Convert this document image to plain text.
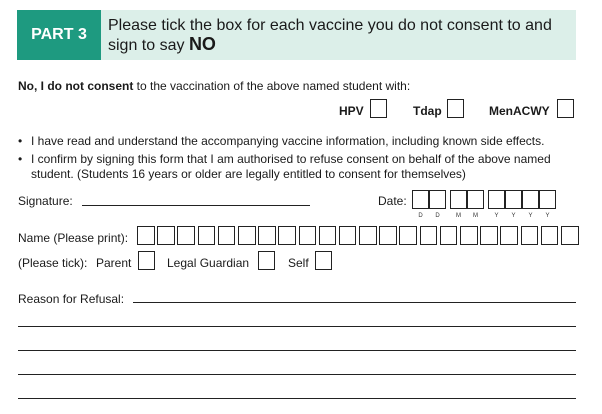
PART 3
Please tick the box for each vaccine you do not consent to and sign to say NO
No, I do not consent to the vaccination of the above named student with:
HPV	Tdap	MenACWY
• I have read and understand the accompanying vaccine information, including known side effects.
• I confirm by signing this form that I am authorised to refuse consent on behalf of the above named student. (Students 16 years or older are legally entitled to consent for themselves)
Signature:	Date:
D	D	M	M	Y	Y	Y	Y
Name (Please print):
(Please tick): Parent	Legal Guardian	Self
Reason for Refusal:
